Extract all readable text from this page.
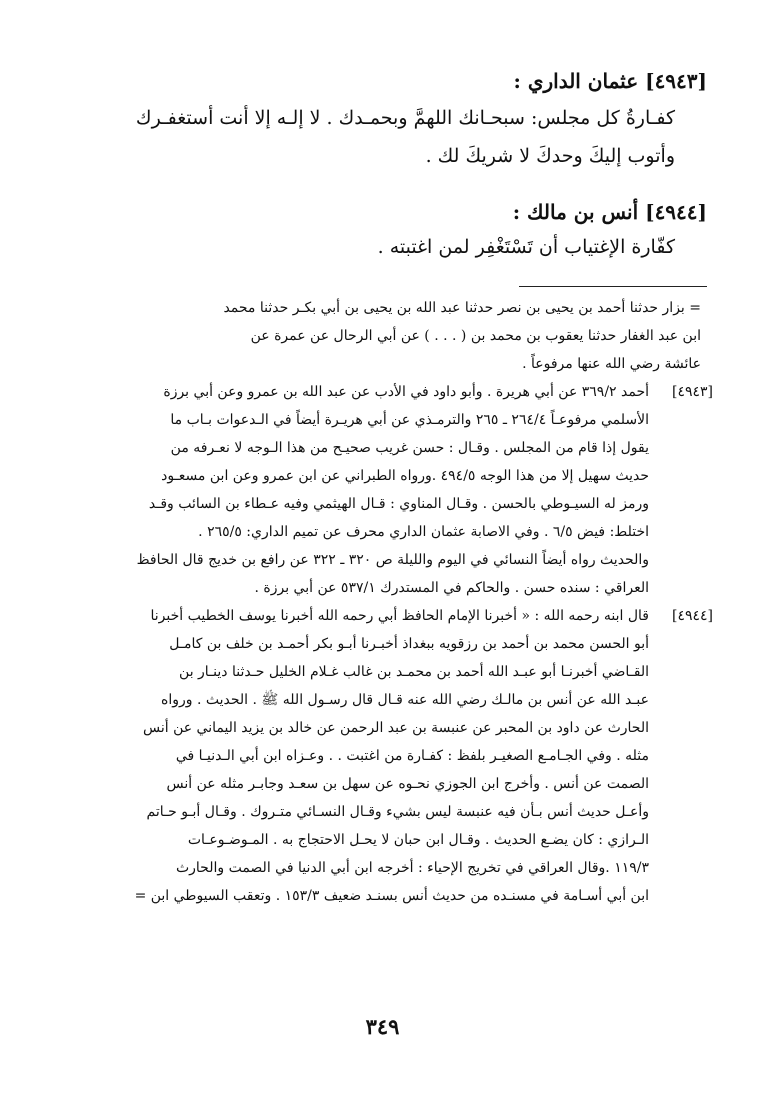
[٤٩٤٣] عثمان الداري :
كفـارةُ كل مجلس: سبحـانك اللهمَّ وبحمـدك . لا إلـه إلا أنت أستغفـرك
وأتوب إليكَ وحدكَ لا شريكَ لك .
[٤٩٤٤] أنس بن مالك :
كفّارة الإغتياب أن تَسْتَغْفِر لمن اغتبته .
= بزار حدثنا أحمد بن يحيى بن نصر حدثنا عبد الله بن يحيى بن أبي بكـر حدثنا محمد
ابن عبد الغفار حدثنا يعقوب بن محمد بن ( . . . ) عن أبي الرحال عن عمرة عن
عائشة رضي الله عنها مرفوعاً .
[٤٩٤٣]
أحمد ٣٦٩/٢ عن أبي هريرة . وأبو داود في الأدب عن عبد الله بن عمرو وعن أبي برزة
الأسلمي مرفوعـاً ٢٦٤/٤ ـ ٢٦٥ والترمـذي عن أبي هريـرة أيضاً في الـدعوات بـاب ما
يقول إذا قام من المجلس . وقـال : حسن غريب صحيـح من هذا الـوجه لا نعـرفه من
حديث سهيل إلا من هذا الوجه ٤٩٤/٥ .ورواه الطبراني عن ابن عمرو وعن ابن مسعـود
ورمز له السيـوطي بالحسن . وقـال المناوي : قـال الهيثمي وفيه عـطاء بن السائب وقـد
اختلط: فيض ٦/٥ . وفي الاصابة عثمان الداري محرف عن تميم الداري: ٢٦٥/٥ .
والحديث رواه أيضاً النسائي في اليوم والليلة ص ٣٢٠ ـ ٣٢٢ عن رافع بن خديج قال الحافظ
العراقي : سنده حسن . والحاكم في المستدرك ٥٣٧/١ عن أبي برزة .
[٤٩٤٤]
قال ابنه رحمه الله : « أخبرنا الإمام الحافظ أبي رحمه الله أخبرنا يوسف الخطيب أخبرنا
أبو الحسن محمد بن أحمد بن رزقويه ببغداذ أخبـرنا أبـو بكر أحمـد بن خلف بن كامـل
القـاضي أخبرنـا أبو عبـد الله أحمد بن محمـد بن غالب غـلام الخليل حـدثنا دينـار بن
عبـد الله عن أنس بن مالـك رضي الله عنه قـال قال رسـول الله ﷺ . الحديث . ورواه
الحارث عن داود بن المحبر عن عنبسة بن عبد الرحمن عن خالد بن يزيد اليماني عن أنس
مثله . وفي الجـامـع الصغيـر بلفظ : كفـارة من اغتبت . . وعـزاه ابن أبي الـدنيـا في
الصمت عن أنس . وأخرج ابن الجوزي نحـوه عن سهل بن سعـد وجابـر مثله عن أنس
وأعـل حديث أنس بـأن فيه عنبسة ليس بشيء وقـال النسـائي متـروك . وقـال أبـو حـاتم
الـرازي : كان يضـع الحديث . وقـال ابن حبان لا يحـل الاحتجاج به . المـوضـوعـات
١١٩/٣ .وقال العراقي في تخريج الإحياء : أخرجه ابن أبي الدنيا في الصمت والحارث
ابن أبي أسـامة في مسنـده من حديث أنس بسنـد ضعيف ١٥٣/٣ . وتعقب السيوطي ابن =
٣٤٩
